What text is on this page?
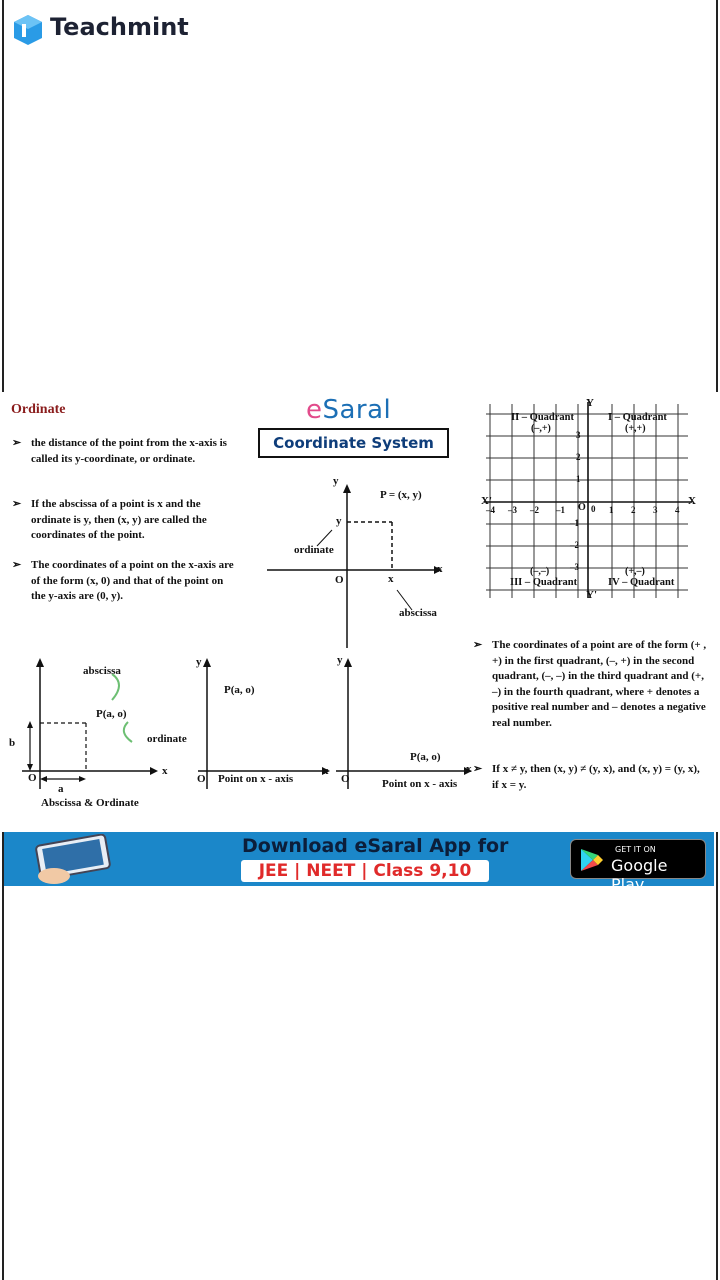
Teachmint
Ordinate
➢ the distance of the point from the x-axis is called its y-coordinate, or ordinate.
➢ If the abscissa of a point is x and the ordinate is y, then (x, y) are called the coordinates of the point.
➢ The coordinates of a point on the x-axis are of the form (x, 0) and that of the point on the y-axis are (0, y).
eSaral
Coordinate System
P = (x, y)
y
x
O
y
x
ordinate
abscissa
II – Quadrant
(–,+)
I – Quadrant
(+,+)
III – Quadrant
(–,–)
IV – Quadrant
(+,–)
X
X'
Y
Y'
O
–4 –3 –2 –1	0 1 2 3 4
3
2
1
–1
–2
–3
abscissa
P(a, o)
ordinate
b
a
x
O
Abscissa & Ordinate
y
P(a, o)
O
x
Point on x - axis
y
P(a, o)
O
x
Point on x - axis
➢ The coordinates of a point are of the form (+ , +) in the first quadrant, (–, +) in the second quadrant, (–, –) in the third quadrant and (+, –) in the fourth quadrant, where + denotes a positive real number and – denotes a negative real number.
➢ If x ≠ y, then (x, y) ≠ (y, x), and (x, y) = (y, x), if x = y.
Download eSaral App for
JEE | NEET | Class 9,10
GET IT ON
Google Play
